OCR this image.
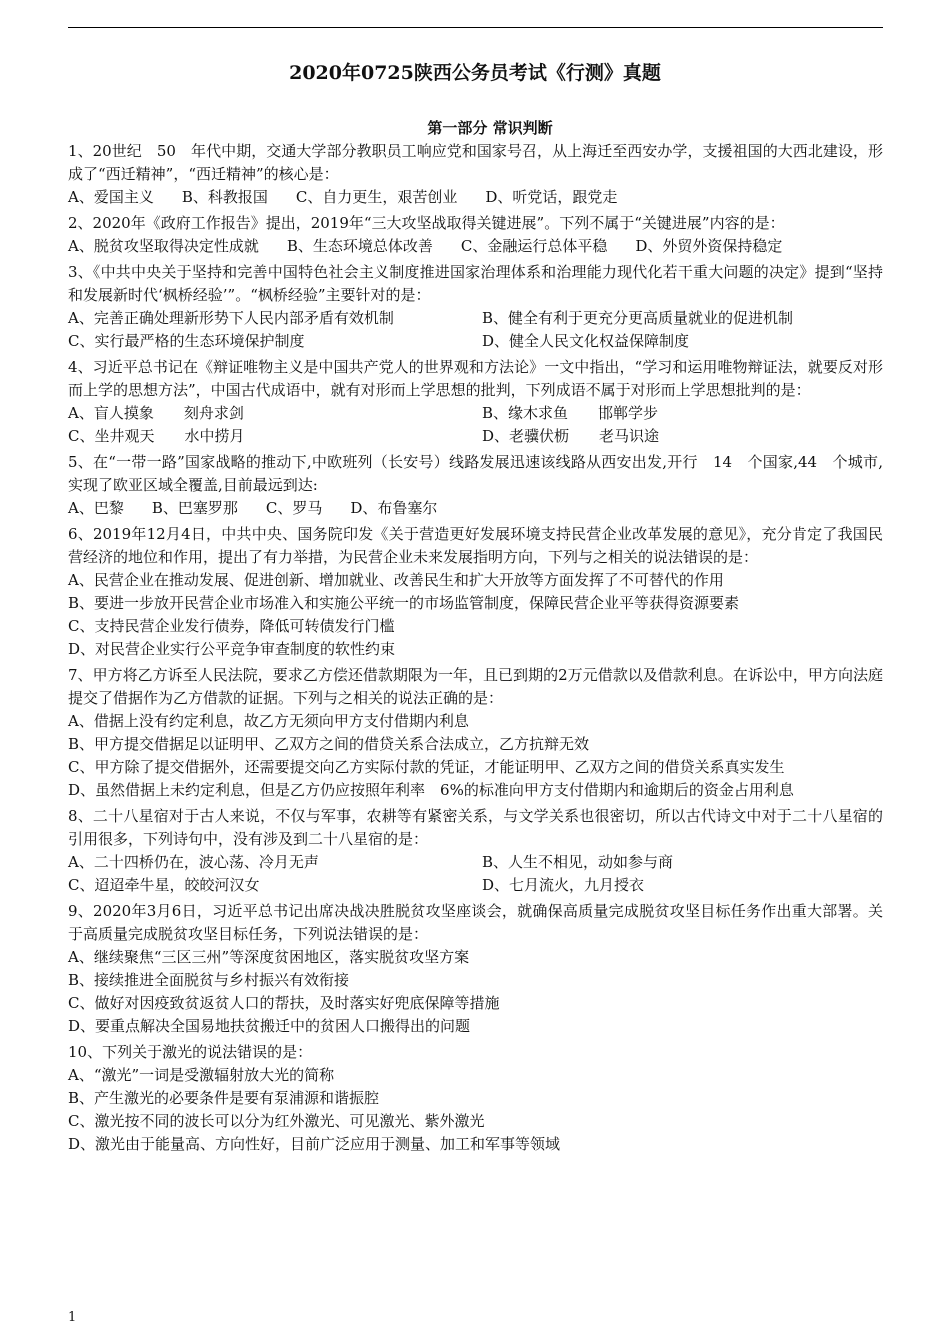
2020年0725陕西公务员考试《行测》真题
第一部分 常识判断

1、20世纪　50　年代中期，交通大学部分教职员工响应党和国家号召，从上海迁至西安办学，支援祖国的大西北建设，形成了“西迁精神”，“西迁精神”的核心是：

A、爱国主义 B、科教报国 C、自力更生，艰苦创业 D、听党话，跟党走

2、2020年《政府工作报告》提出，2019年“三大攻坚战取得关键进展”。下列不属于“关键进展”内容的是：

A、脱贫攻坚取得决定性成就 B、生态环境总体改善 C、金融运行总体平稳 D、外贸外资保持稳定

3、《中共中央关于坚持和完善中国特色社会主义制度推进国家治理体系和治理能力现代化若干重大问题的决定》提到“坚持和发展新时代‘枫桥经验’”。“枫桥经验”主要针对的是：

A、完善正确处理新形势下人民内部矛盾有效机制	B、健全有利于更充分更高质量就业的促进机制
C、实行最严格的生态环境保护制度	D、健全人民文化权益保障制度

4、习近平总书记在《辩证唯物主义是中国共产党人的世界观和方法论》一文中指出，“学习和运用唯物辩证法，就要反对形而上学的思想方法”，中国古代成语中，就有对形而上学思想的批判，下列成语不属于对形而上学思想批判的是：

A、盲人摸象　　刻舟求剑	B、缘木求鱼　　邯郸学步
C、坐井观天　　水中捞月	D、老骥伏枥　　老马识途

5、在“一带一路”国家战略的推动下,中欧班列（长安号）线路发展迅速该线路从西安出发,开行　14　个国家,44　个城市,实现了欧亚区域全覆盖,目前最远到达:

A、巴黎 B、巴塞罗那 C、罗马 D、布鲁塞尔

6、2019年12月4日，中共中央、国务院印发《关于营造更好发展环境支持民营企业改革发展的意见》，充分肯定了我国民营经济的地位和作用，提出了有力举措，为民营企业未来发展指明方向，下列与之相关的说法错误的是：

A、民营企业在推动发展、促进创新、增加就业、改善民生和扩大开放等方面发挥了不可替代的作用
B、要进一步放开民营企业市场准入和实施公平统一的市场监管制度，保障民营企业平等获得资源要素
C、支持民营企业发行债券，降低可转债发行门槛
D、对民营企业实行公平竞争审查制度的软性约束

7、甲方将乙方诉至人民法院，要求乙方偿还借款期限为一年，且已到期的2万元借款以及借款利息。在诉讼中，甲方向法庭提交了借据作为乙方借款的证据。下列与之相关的说法正确的是：

A、借据上没有约定利息，故乙方无须向甲方支付借期内利息
B、甲方提交借据足以证明甲、乙双方之间的借贷关系合法成立，乙方抗辩无效
C、甲方除了提交借据外，还需要提交向乙方实际付款的凭证，才能证明甲、乙双方之间的借贷关系真实发生
D、虽然借据上未约定利息，但是乙方仍应按照年利率　6%的标准向甲方支付借期内和逾期后的资金占用利息

8、二十八星宿对于古人来说，不仅与军事，农耕等有紧密关系，与文学关系也很密切，所以古代诗文中对于二十八星宿的引用很多，下列诗句中，没有涉及到二十八星宿的是：

A、二十四桥仍在，波心荡、冷月无声	B、人生不相见，动如参与商
C、迢迢牵牛星，皎皎河汉女	D、七月流火，九月授衣

9、2020年3月6日，习近平总书记出席决战决胜脱贫攻坚座谈会，就确保高质量完成脱贫攻坚目标任务作出重大部署。关于高质量完成脱贫攻坚目标任务，下列说法错误的是：

A、继续聚焦“三区三州”等深度贫困地区，落实脱贫攻坚方案
B、接续推进全面脱贫与乡村振兴有效衔接
C、做好对因疫致贫返贫人口的帮扶，及时落实好兜底保障等措施
D、要重点解决全国易地扶贫搬迁中的贫困人口搬得出的问题

10、下列关于激光的说法错误的是：

A、“激光”一词是受激辐射放大光的简称
B、产生激光的必要条件是要有泵浦源和谐振腔
C、激光按不同的波长可以分为红外激光、可见激光、紫外激光
D、激光由于能量高、方向性好，目前广泛应用于测量、加工和军事等领域
1
